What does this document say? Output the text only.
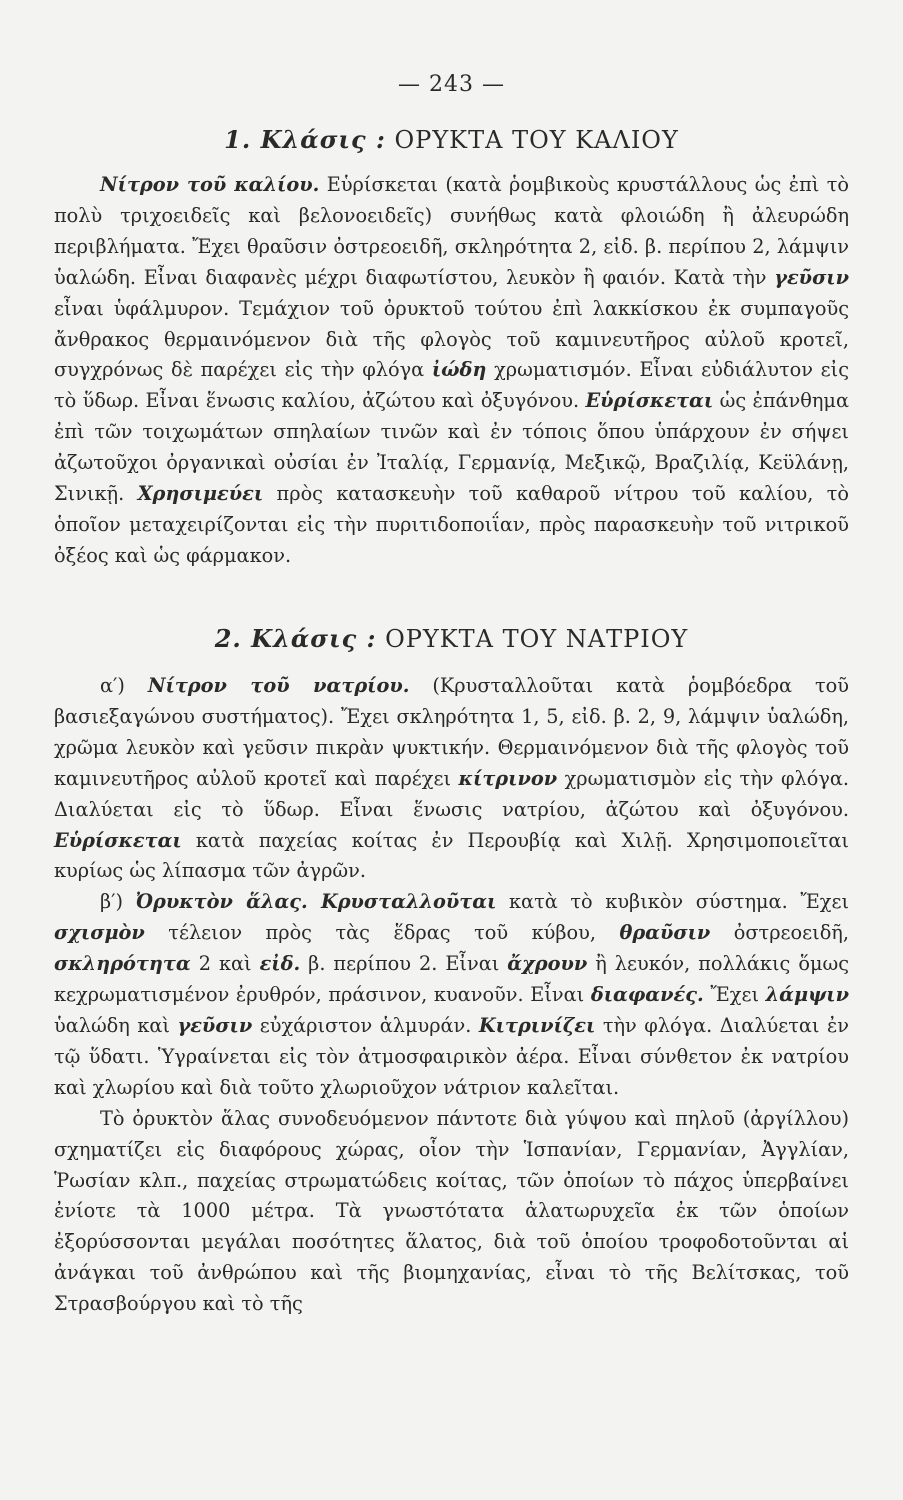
— 243 —
1. Κλάσις : ΟΡΥΚΤΑ ΤΟΥ ΚΑΛΙΟΥ

Νίτρον τοῦ καλίου. Εὑρίσκεται (κατὰ ῥομβικοὺς κρυστάλλους ὡς ἐπὶ τὸ πολὺ τριχοειδεῖς καὶ βελονοειδεῖς) συνήθως κατὰ φλοιώδη ἢ ἀλευρώδη περιβλήματα. Ἔχει θραῦσιν ὀστρεοειδῆ, σκληρότητα 2, εἰδ. β. περίπου 2, λάμψιν ὑαλώδη. Εἶναι διαφανὲς μέχρι διαφωτίστου, λευκὸν ἢ φαιόν. Κατὰ τὴν γεῦσιν εἶναι ὑφάλμυρον. Τεμάχιον τοῦ ὀρυκτοῦ τούτου ἐπὶ λακκίσκου ἐκ συμπαγοῦς ἄνθρακος θερμαινόμενον διὰ τῆς φλογὸς τοῦ καμινευτῆρος αὐλοῦ κροτεῖ, συγχρόνως δὲ παρέχει εἰς τὴν φλόγα ἰώδη χρωματισμόν. Εἶναι εὐδιάλυτον εἰς τὸ ὕδωρ. Εἶναι ἕνωσις καλίου, ἀζώτου καὶ ὀξυγόνου. Εὑρίσκεται ὡς ἐπάνθημα ἐπὶ τῶν τοιχωμάτων σπηλαίων τινῶν καὶ ἐν τόποις ὅπου ὑπάρχουν ἐν σήψει ἀζωτοῦχοι ὀργανικαὶ οὐσίαι ἐν Ἰταλίᾳ, Γερμανίᾳ, Μεξικῷ, Βραζιλίᾳ, Κεϋλάνῃ, Σινικῇ. Χρησιμεύει πρὸς κατασκευὴν τοῦ καθαροῦ νίτρου τοῦ καλίου, τὸ ὁποῖον μεταχειρίζονται εἰς τὴν πυριτιδοποιΐαν, πρὸς παρασκευὴν τοῦ νιτρικοῦ ὀξέος καὶ ὡς φάρμακον.

2. Κλάσις : ΟΡΥΚΤΑ ΤΟΥ ΝΑΤΡΙΟΥ

α′) Νίτρον τοῦ νατρίου. (Κρυσταλλοῦται κατὰ ῥομβόεδρα τοῦ βασιεξαγώνου συστήματος). Ἔχει σκληρότητα 1, 5, εἰδ. β. 2, 9, λάμψιν ὑαλώδη, χρῶμα λευκὸν καὶ γεῦσιν πικρὰν ψυκτικήν. Θερμαινόμενον διὰ τῆς φλογὸς τοῦ καμινευτῆρος αὐλοῦ κροτεῖ καὶ παρέχει κίτρινον χρωματισμὸν εἰς τὴν φλόγα. Διαλύεται εἰς τὸ ὕδωρ. Εἶναι ἕνωσις νατρίου, ἀζώτου καὶ ὀξυγόνου. Εὑρίσκεται κατὰ παχείας κοίτας ἐν Περουβίᾳ καὶ Χιλῇ. Χρησιμοποιεῖται κυρίως ὡς λίπασμα τῶν ἀγρῶν.

β′) Ὀρυκτὸν ἅλας. Κρυσταλλοῦται κατὰ τὸ κυβικὸν σύστημα. Ἔχει σχισμὸν τέλειον πρὸς τὰς ἕδρας τοῦ κύβου, θραῦσιν ὀστρεοειδῆ, σκληρότητα 2 καὶ εἰδ. β. περίπου 2. Εἶναι ἄχρουν ἢ λευκόν, πολλάκις ὅμως κεχρωματισμένον ἐρυθρόν, πράσινον, κυανοῦν. Εἶναι διαφανές. Ἔχει λάμψιν ὑαλώδη καὶ γεῦσιν εὐχάριστον ἁλμυράν. Κιτρινίζει τὴν φλόγα. Διαλύεται ἐν τῷ ὕδατι. Ὑγραίνεται εἰς τὸν ἀτμοσφαιρικὸν ἀέρα. Εἶναι σύνθετον ἐκ νατρίου καὶ χλωρίου καὶ διὰ τοῦτο χλωριοῦχον νάτριον καλεῖται.

Τὸ ὀρυκτὸν ἅλας συνοδευόμενον πάντοτε διὰ γύψου καὶ πηλοῦ (ἀργίλλου) σχηματίζει εἰς διαφόρους χώρας, οἷον τὴν Ἱσπανίαν, Γερμανίαν, Ἀγγλίαν, Ῥωσίαν κλπ., παχείας στρωματώδεις κοίτας, τῶν ὁποίων τὸ πάχος ὑπερβαίνει ἐνίοτε τὰ 1000 μέτρα. Τὰ γνωστότατα ἁλατωρυχεῖα ἐκ τῶν ὁποίων ἐξορύσσονται μεγάλαι ποσότητες ἅλατος, διὰ τοῦ ὁποίου τροφοδοτοῦνται αἱ ἀνάγκαι τοῦ ἀνθρώπου καὶ τῆς βιομηχανίας, εἶναι τὸ τῆς Βελίτσκας, τοῦ Στρασβούργου καὶ τὸ τῆς
